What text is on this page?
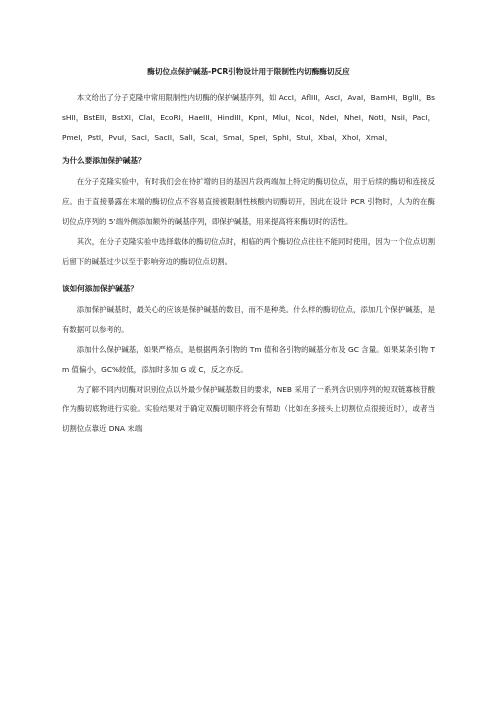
酶切位点保护碱基-PCR引物设计用于限制性内切酶酶切反应

本文给出了分子克隆中常用限制性内切酶的保护碱基序列，如 AccI，AflIII，AscI，AvaI，BamHI，BglII，BssHII，BstEII，BstXI，ClaI，EcoRI，HaeIII，HindIII，KpnI，MluI，NcoI，NdeI，NheI，NotI，NsiI，PacI，PmeI，PstI，PvuI，SacI，SacII，SalI，ScaI，SmaI，SpeI，SphI，StuI，XbaI，XhoI，XmaI，

为什么要添加保护碱基？

在分子克隆实验中，有时我们会在待扩增的目的基因片段两端加上特定的酶切位点，用于后续的酶切和连接反应。由于直接暴露在末端的酶切位点不容易直接被限制性核酸内切酶切开，因此在设计 PCR 引物时，人为的在酶切位点序列的 5’端外侧添加额外的碱基序列，即保护碱基，用来提高将来酶切时的活性。

其次，在分子克隆实验中选择载体的酶切位点时，相临的两个酶切位点往往不能同时使用，因为一个位点切割后留下的碱基过少以至于影响旁边的酶切位点切割。

该如何添加保护碱基？

添加保护碱基时，最关心的应该是保护碱基的数目，而不是种类。什么样的酶切位点，添加几个保护碱基，是有数据可以参考的。

添加什么保护碱基，如果严格点，是根据两条引物的 Tm 值和各引物的碱基分布及 GC 含量。如果某条引物 Tm 值偏小，GC%较低，添加时多加 G 或 C，反之亦反。

为了解不同内切酶对识别位点以外最少保护碱基数目的要求，NEB 采用了一系列含识别序列的短双链寡核苷酸作为酶切底物进行实验。实验结果对于确定双酶切顺序将会有帮助（比如在多接头上切割位点很接近时），或者当切割位点靠近 DNA 末端
